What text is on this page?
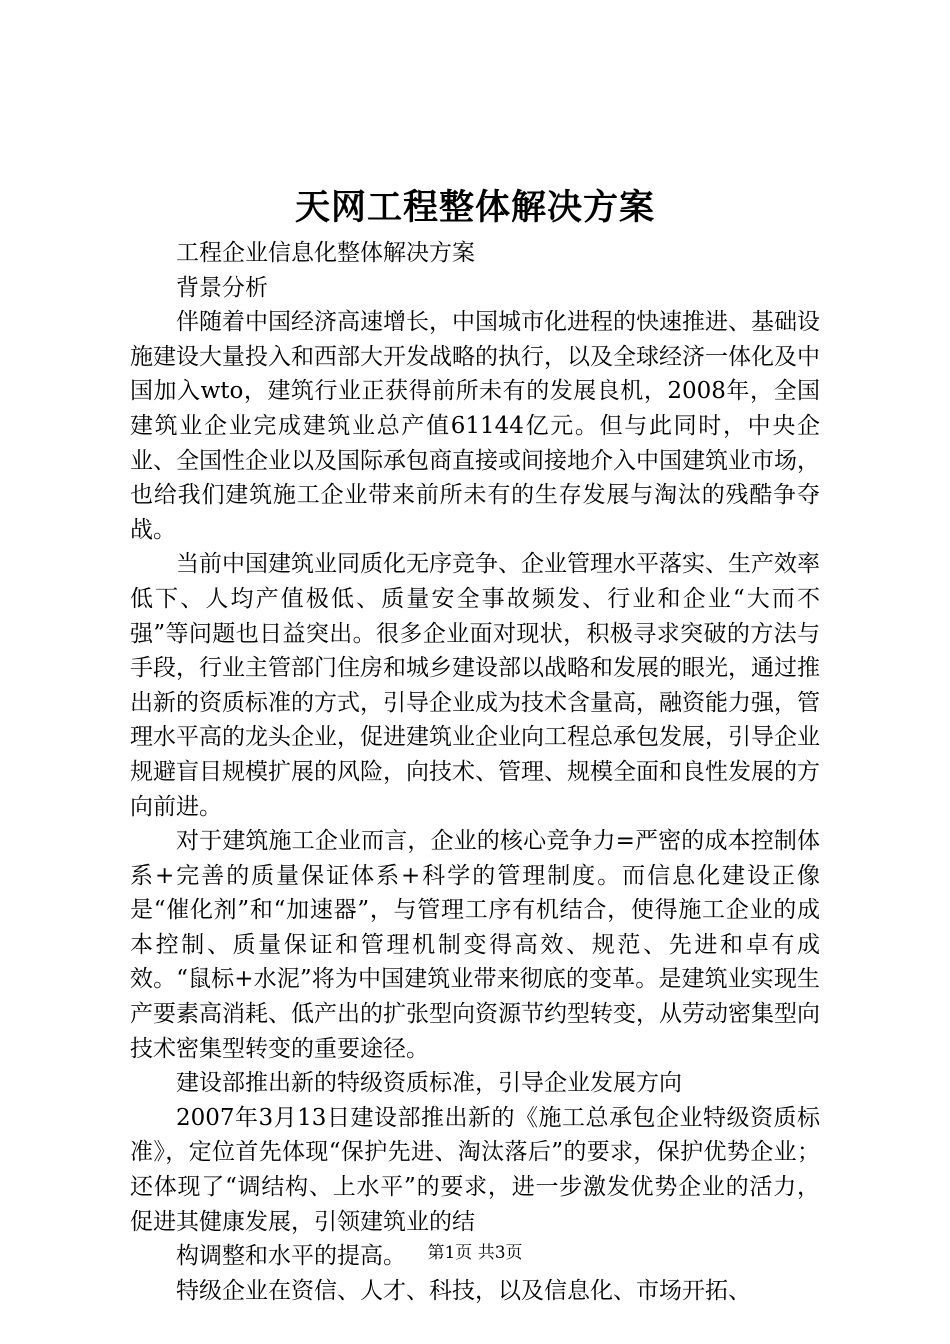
天网工程整体解决方案

工程企业信息化整体解决方案

背景分析

伴随着中国经济高速增长，中国城市化进程的快速推进、基础设施建设大量投入和西部大开发战略的执行，以及全球经济一体化及中国加入wto，建筑行业正获得前所未有的发展良机，2008年，全国建筑业企业完成建筑业总产值61144亿元。但与此同时，中央企业、全国性企业以及国际承包商直接或间接地介入中国建筑业市场，也给我们建筑施工企业带来前所未有的生存发展与淘汰的残酷争夺战。

当前中国建筑业同质化无序竞争、企业管理水平落实、生产效率低下、人均产值极低、质量安全事故频发、行业和企业“大而不强”等问题也日益突出。很多企业面对现状，积极寻求突破的方法与手段，行业主管部门住房和城乡建设部以战略和发展的眼光，通过推出新的资质标准的方式，引导企业成为技术含量高，融资能力强，管理水平高的龙头企业，促进建筑业企业向工程总承包发展，引导企业规避盲目规模扩展的风险，向技术、管理、规模全面和良性发展的方向前进。

对于建筑施工企业而言，企业的核心竞争力=严密的成本控制体系+完善的质量保证体系+科学的管理制度。而信息化建设正像是“催化剂”和“加速器”，与管理工序有机结合，使得施工企业的成本控制、质量保证和管理机制变得高效、规范、先进和卓有成效。“鼠标+水泥”将为中国建筑业带来彻底的变革。是建筑业实现生产要素高消耗、低产出的扩张型向资源节约型转变，从劳动密集型向技术密集型转变的重要途径。

建设部推出新的特级资质标准，引导企业发展方向

2007年3月13日建设部推出新的《施工总承包企业特级资质标准》，定位首先体现“保护先进、淘汰落后”的要求，保护优势企业；还体现了“调结构、上水平”的要求，进一步激发优势企业的活力，促进其健康发展，引领建筑业的结

构调整和水平的提高。

特级企业在资信、人才、科技，以及信息化、市场开拓、

第1页 共3页
